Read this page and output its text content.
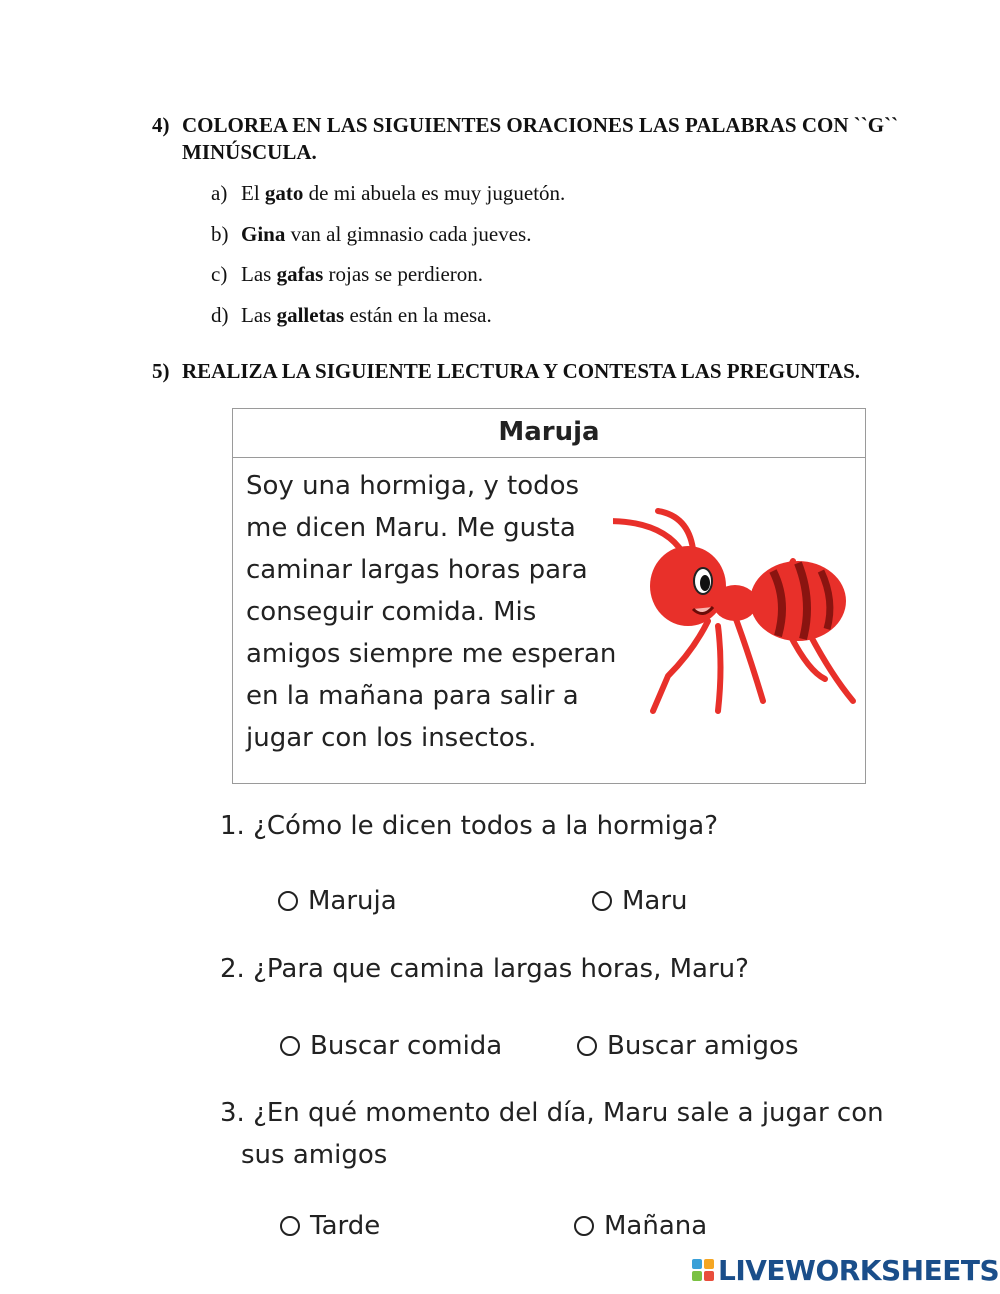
4) COLOREA EN LAS SIGUIENTES ORACIONES LAS PALABRAS CON ``G`` MINÚSCULA.
a) El gato de mi abuela es muy juguetón.
b) Gina van al gimnasio cada jueves.
c) Las gafas rojas se perdieron.
d) Las galletas están en la mesa.
5) REALIZA LA SIGUIENTE LECTURA Y CONTESTA LAS PREGUNTAS.
Maruja
Soy una hormiga, y todos
me dicen Maru. Me gusta
caminar largas horas para
conseguir comida. Mis
amigos siempre me esperan
en la mañana para salir a
jugar con los insectos.
1. ¿Cómo le dicen todos a la hormiga?
Maruja	Maru
2. ¿Para que camina largas horas, Maru?
Buscar comida	Buscar amigos
3. ¿En qué momento del día, Maru sale a jugar con
sus amigos
Tarde	Mañana
LIVEWORKSHEETS
